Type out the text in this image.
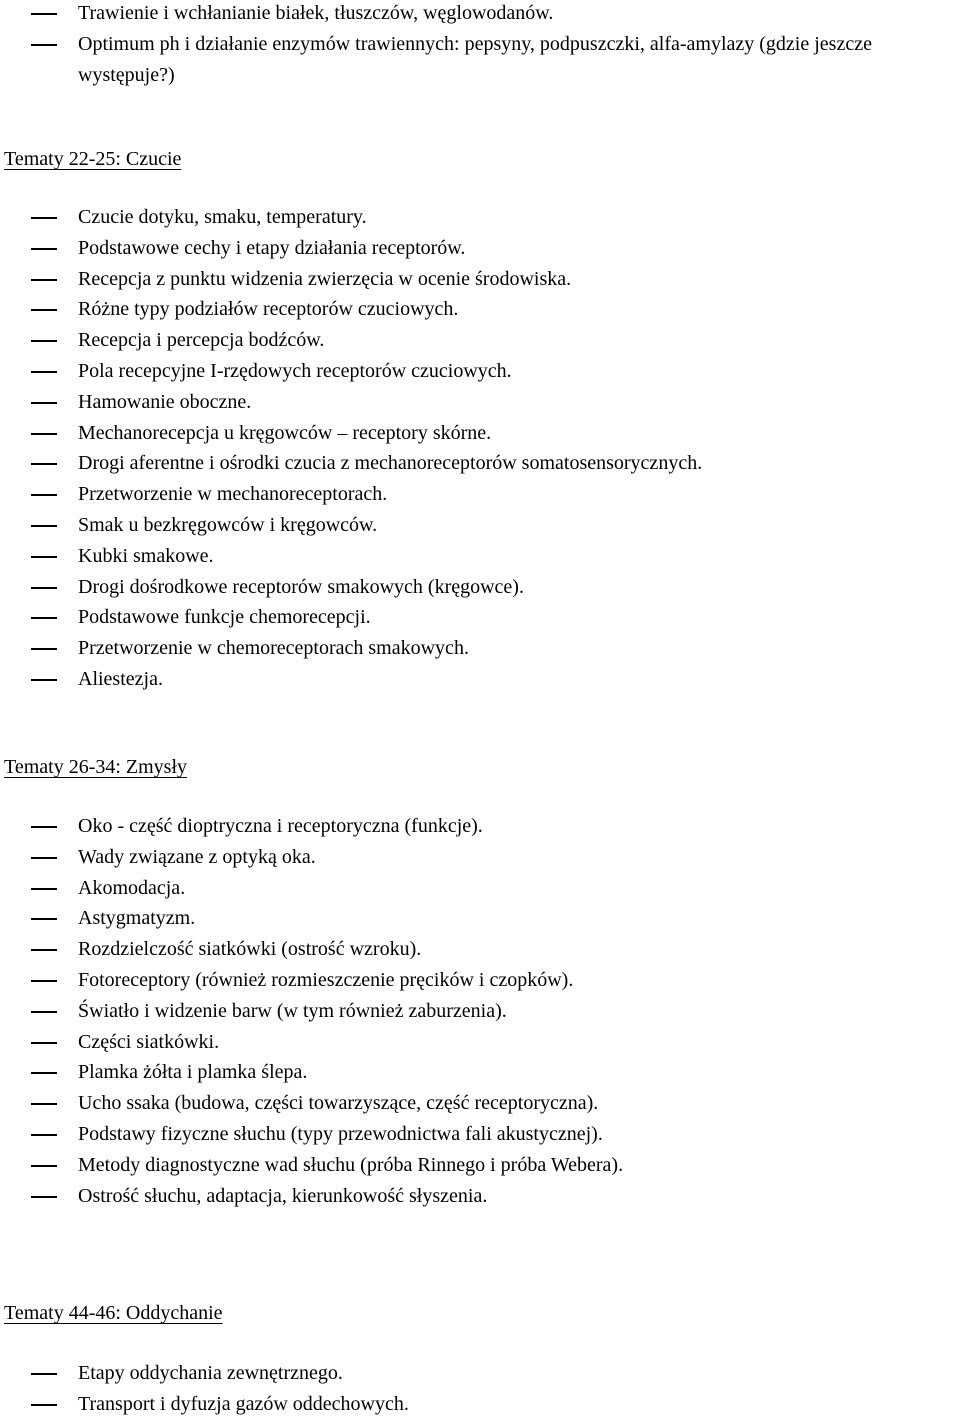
Trawienie i wchłanianie białek, tłuszczów, węglowodanów.
Optimum ph i działanie enzymów trawiennych: pepsyny, podpuszczki, alfa-amylazy (gdzie jeszcze występuje?)
Tematy 22-25: Czucie
Czucie dotyku, smaku, temperatury.
Podstawowe cechy i etapy działania receptorów.
Recepcja z punktu widzenia zwierzęcia w ocenie środowiska.
Różne typy podziałów receptorów czuciowych.
Recepcja i percepcja bodźców.
Pola recepcyjne I-rzędowych receptorów czuciowych.
Hamowanie oboczne.
Mechanorecepcja u kręgowców – receptory skórne.
Drogi aferentne i ośrodki czucia z mechanoreceptorów somatosensorycznych.
Przetworzenie w mechanoreceptorach.
Smak u bezkręgowców i kręgowców.
Kubki smakowe.
Drogi dośrodkowe receptorów smakowych (kręgowce).
Podstawowe funkcje chemorecepcji.
Przetworzenie w chemoreceptorach smakowych.
Aliestezja.
Tematy 26-34: Zmysły
Oko - część dioptryczna i receptoryczna (funkcje).
Wady związane z optyką oka.
Akomodacja.
Astygmatyzm.
Rozdzielczość siatkówki (ostrość wzroku).
Fotoreceptory (również rozmieszczenie pręcików i czopków).
Światło i widzenie barw (w tym również zaburzenia).
Części siatkówki.
Plamka żółta i plamka ślepa.
Ucho ssaka (budowa, części towarzyszące, część receptoryczna).
Podstawy fizyczne słuchu (typy przewodnictwa fali akustycznej).
Metody diagnostyczne wad słuchu (próba Rinnego i próba Webera).
Ostrość słuchu, adaptacja, kierunkowość słyszenia.
Tematy 44-46: Oddychanie
Etapy oddychania zewnętrznego.
Transport i dyfuzja gazów oddechowych.
